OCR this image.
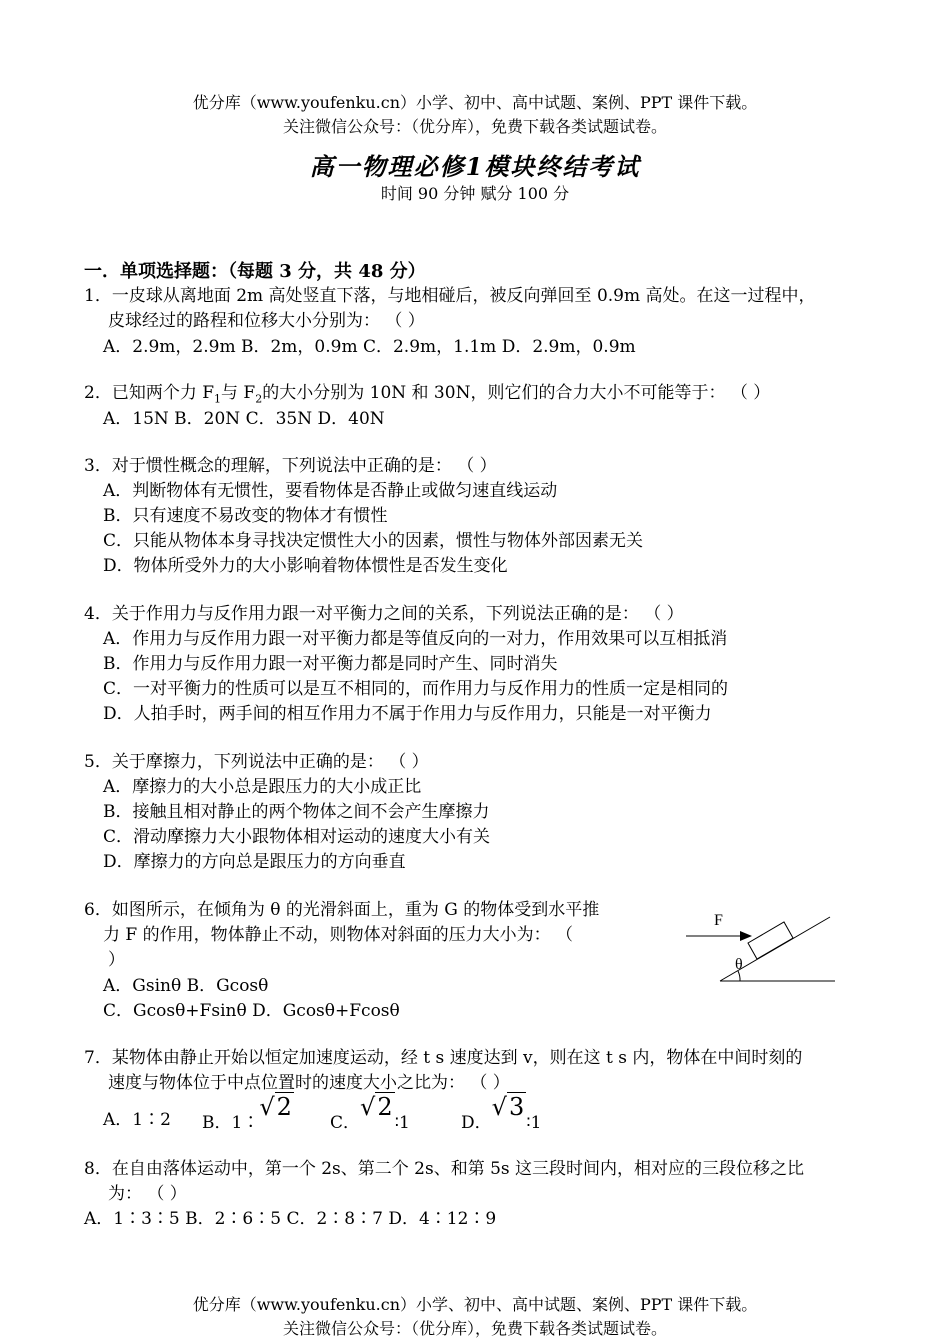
优分库（www.youfenku.cn）小学、初中、高中试题、案例、PPT 课件下载。
关注微信公众号：（优分库），免费下载各类试题试卷。
高一物理必修1模块终结考试
时间 90 分钟 赋分 100 分
一．单项选择题：（每题 3 分，共 48 分）
1．一皮球从离地面 2m 高处竖直下落，与地相碰后，被反向弹回至 0.9m 高处。在这一过程中，
皮球经过的路程和位移大小分别为： （ ）
A．2.9m，2.9m B．2m，0.9m C．2.9m，1.1m D．2.9m，0.9m
2．已知两个力 $F_1$与 $F_2$的大小分别为 10N 和 30N，则它们的合力大小不可能等于： （ ）
A．15N B．20N C．35N D．40N
3．对于惯性概念的理解，下列说法中正确的是： （ ）
A．判断物体有无惯性，要看物体是否静止或做匀速直线运动
B．只有速度不易改变的物体才有惯性
C．只能从物体本身寻找决定惯性大小的因素，惯性与物体外部因素无关
D．物体所受外力的大小影响着物体惯性是否发生变化
4．关于作用力与反作用力跟一对平衡力之间的关系，下列说法正确的是： （ ）
A．作用力与反作用力跟一对平衡力都是等值反向的一对力，作用效果可以互相抵消
B．作用力与反作用力跟一对平衡力都是同时产生、同时消失
C．一对平衡力的性质可以是互不相同的，而作用力与反作用力的性质一定是相同的
D．人拍手时，两手间的相互作用力不属于作用力与反作用力，只能是一对平衡力
5．关于摩擦力，下列说法中正确的是： （ ）
A．摩擦力的大小总是跟压力的大小成正比
B．接触且相对静止的两个物体之间不会产生摩擦力
C．滑动摩擦力大小跟物体相对运动的速度大小有关
D．摩擦力的方向总是跟压力的方向垂直
6．如图所示，在倾角为 θ 的光滑斜面上，重为 G 的物体受到水平推
力 F 的作用，物体静止不动，则物体对斜面的压力大小为： （
）
A．Gsinθ B．Gcosθ
C．Gcosθ+Fsinθ D．Gcosθ+Fcosθ
F
θ
7．某物体由静止开始以恒定加速度运动，经 t s 速度达到 v，则在这 t s 内，物体在中间时刻的
速度与物体位于中点位置时的速度大小之比为： （ ）
A．1∶2 B．1∶√2
C．√2∶1	D．√3∶1
8．在自由落体运动中，第一个 2s、第二个 2s、和第 5s 这三段时间内，相对应的三段位移之比
为： （ ）
A．1∶3∶5 B．2∶6∶5 C．2∶8∶7 D．4∶12∶9
优分库（www.youfenku.cn）小学、初中、高中试题、案例、PPT 课件下载。
关注微信公众号：（优分库），免费下载各类试题试卷。
